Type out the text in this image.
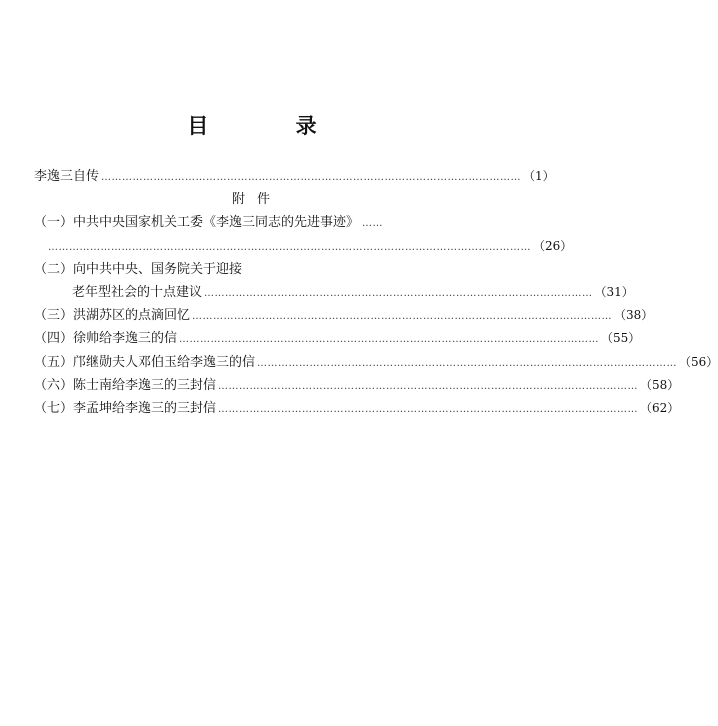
目 录
李逸三自传 ………………………………………………………………………………………………………… （1）
附件
（一）中共中央国家机关工委《李逸三同志的先进事迹》 ……
………………………………………………………………………………………………………………………… （26）
（二）向中共中央、国务院关于迎接
老年型社会的十点建议 ………………………………………………………………………………………………… （31）
（三）洪湖苏区的点滴回忆 ………………………………………………………………………………………………………… （38）
（四）徐帅给李逸三的信 ………………………………………………………………………………………………………… （55）
（五）邝继勋夫人邓伯玉给李逸三的信 ………………………………………………………………………………………………………… （56）
（六）陈士南给李逸三的三封信 ………………………………………………………………………………………………………… （58）
（七）李孟坤给李逸三的三封信 ………………………………………………………………………………………………………… （62）
